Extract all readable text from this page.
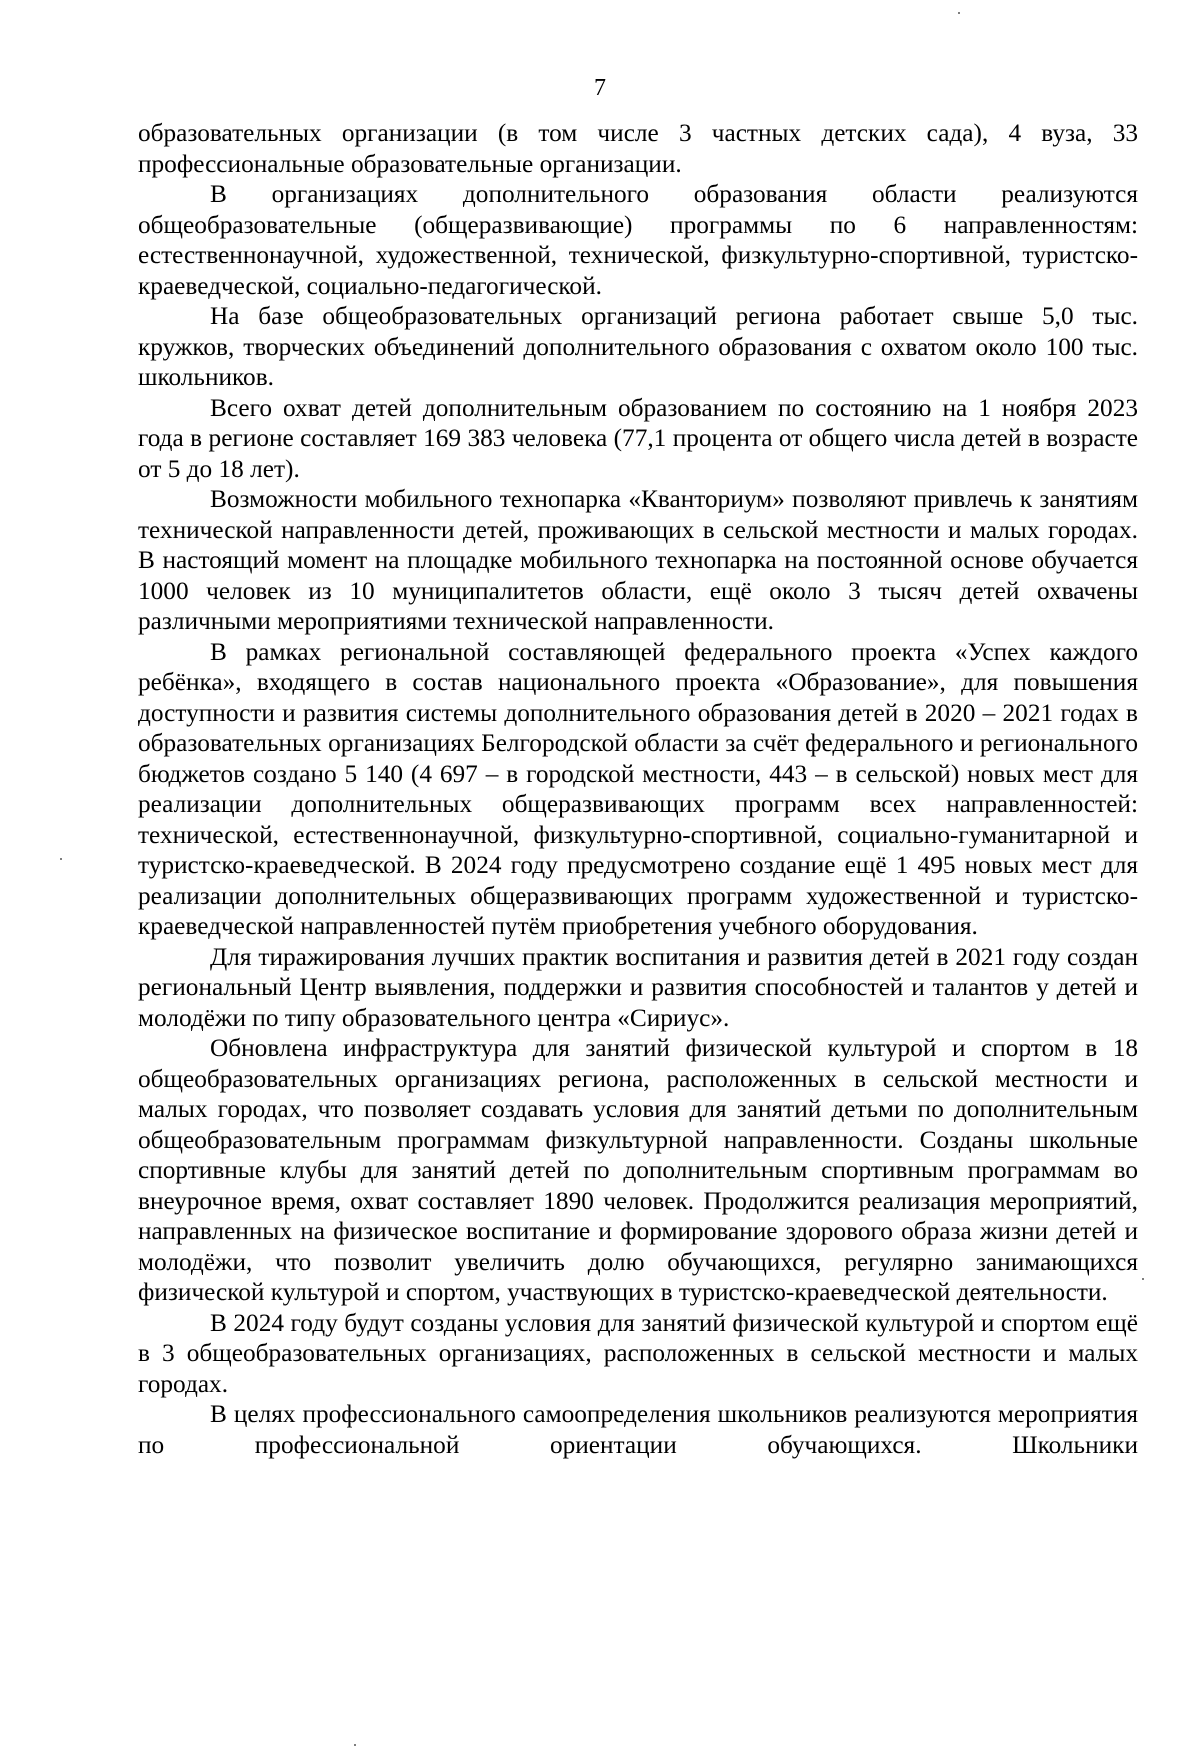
7

образовательных организации (в том числе 3 частных детских сада), 4 вуза, 33 профессиональные образовательные организации.

В организациях дополнительного образования области реализуются общеобразовательные (общеразвивающие) программы по 6 направленностям: естественнонаучной, художественной, технической, физкультурно-спортивной, туристско-краеведческой, социально-педагогической.

На базе общеобразовательных организаций региона работает свыше 5,0 тыс. кружков, творческих объединений дополнительного образования с охватом около 100 тыс. школьников.

Всего охват детей дополнительным образованием по состоянию на 1 ноября 2023 года в регионе составляет 169 383 человека (77,1 процента от общего числа детей в возрасте от 5 до 18 лет).

Возможности мобильного технопарка «Кванториум» позволяют привлечь к занятиям технической направленности детей, проживающих в сельской местности и малых городах. В настоящий момент на площадке мобильного технопарка на постоянной основе обучается 1000 человек из 10 муниципалитетов области, ещё около 3 тысяч детей охвачены различными мероприятиями технической направленности.

В рамках региональной составляющей федерального проекта «Успех каждого ребёнка», входящего в состав национального проекта «Образование», для повышения доступности и развития системы дополнительного образования детей в 2020 – 2021 годах в образовательных организациях Белгородской области за счёт федерального и регионального бюджетов создано 5 140 (4 697 – в городской местности, 443 – в сельской) новых мест для реализации дополнительных общеразвивающих программ всех направленностей: технической, естественнонаучной, физкультурно-спортивной, социально-гуманитарной и туристско-краеведческой. В 2024 году предусмотрено создание ещё 1 495 новых мест для реализации дополнительных общеразвивающих программ художественной и туристско-краеведческой направленностей путём приобретения учебного оборудования.

Для тиражирования лучших практик воспитания и развития детей в 2021 году создан региональный Центр выявления, поддержки и развития способностей и талантов у детей и молодёжи по типу образовательного центра «Сириус».

Обновлена инфраструктура для занятий физической культурой и спортом в 18 общеобразовательных организациях региона, расположенных в сельской местности и малых городах, что позволяет создавать условия для занятий детьми по дополнительным общеобразовательным программам физкультурной направленности. Созданы школьные спортивные клубы для занятий детей по дополнительным спортивным программам во внеурочное время, охват составляет 1890 человек. Продолжится реализация мероприятий, направленных на физическое воспитание и формирование здорового образа жизни детей и молодёжи, что позволит увеличить долю обучающихся, регулярно занимающихся физической культурой и спортом, участвующих в туристско-краеведческой деятельности.

В 2024 году будут созданы условия для занятий физической культурой и спортом ещё в 3 общеобразовательных организациях, расположенных в сельской местности и малых городах.

В целях профессионального самоопределения школьников реализуются мероприятия по профессиональной ориентации обучающихся. Школьники
